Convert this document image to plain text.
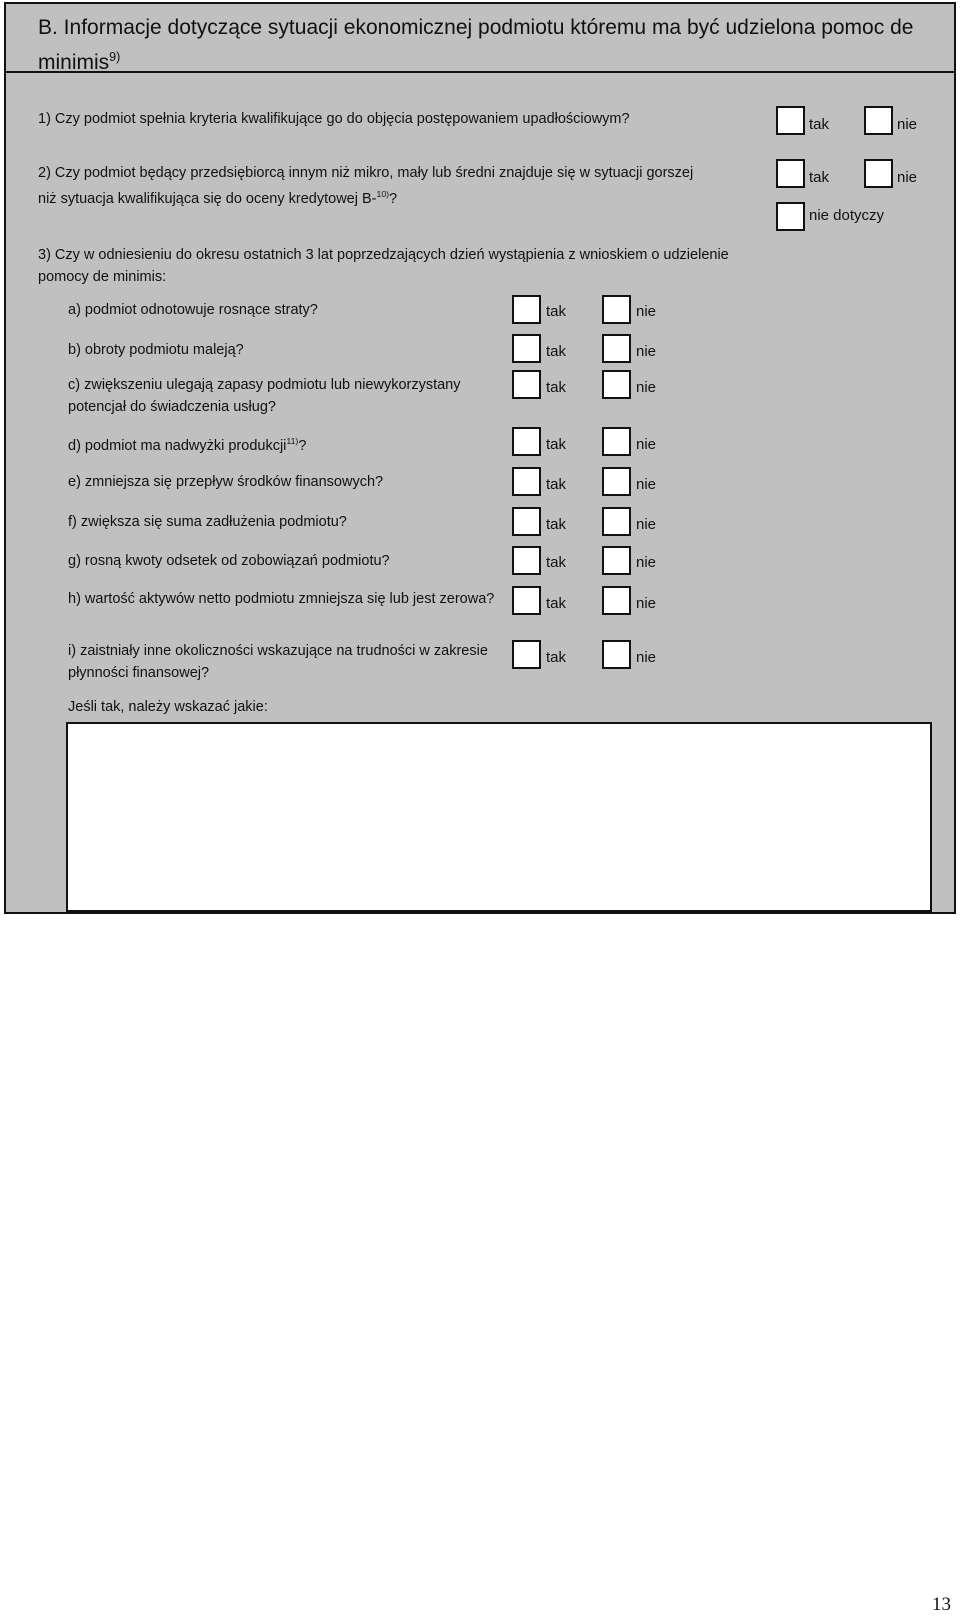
B. Informacje dotyczące sytuacji ekonomicznej podmiotu któremu ma być udzielona pomoc de minimis$^{9)}$
1) Czy podmiot spełnia kryteria kwalifikujące go do objęcia postępowaniem upadłościowym?	tak	nie
2) Czy podmiot będący przedsiębiorcą innym niż mikro, mały lub średni znajduje się w sytuacji gorszej
niż sytuacja kwalifikująca się do oceny kredytowej B-$^{10)}$?
tak	nie
nie dotyczy
3) Czy w odniesieniu do okresu ostatnich 3 lat poprzedzających dzień wystąpienia z wnioskiem o udzielenie pomocy de minimis:
a) podmiot odnotowuje rosnące straty?	tak	nie
b) obroty podmiotu maleją?	tak	nie
c) zwiększeniu ulegają zapasy podmiotu lub niewykorzystany potencjał do świadczenia usług?
tak	nie
d) podmiot ma nadwyżki produkcji$^{11)}$?	tak	nie
e) zmniejsza się przepływ środków finansowych?	tak	nie
f) zwiększa się suma zadłużenia podmiotu?	tak	nie
g) rosną kwoty odsetek od zobowiązań podmiotu?	tak	nie
h) wartość aktywów netto podmiotu zmniejsza się lub jest zerowa?	tak	nie
i) zaistniały inne okoliczności wskazujące na trudności w zakresie płynności finansowej?
tak	nie
Jeśli tak, należy wskazać jakie:
13
